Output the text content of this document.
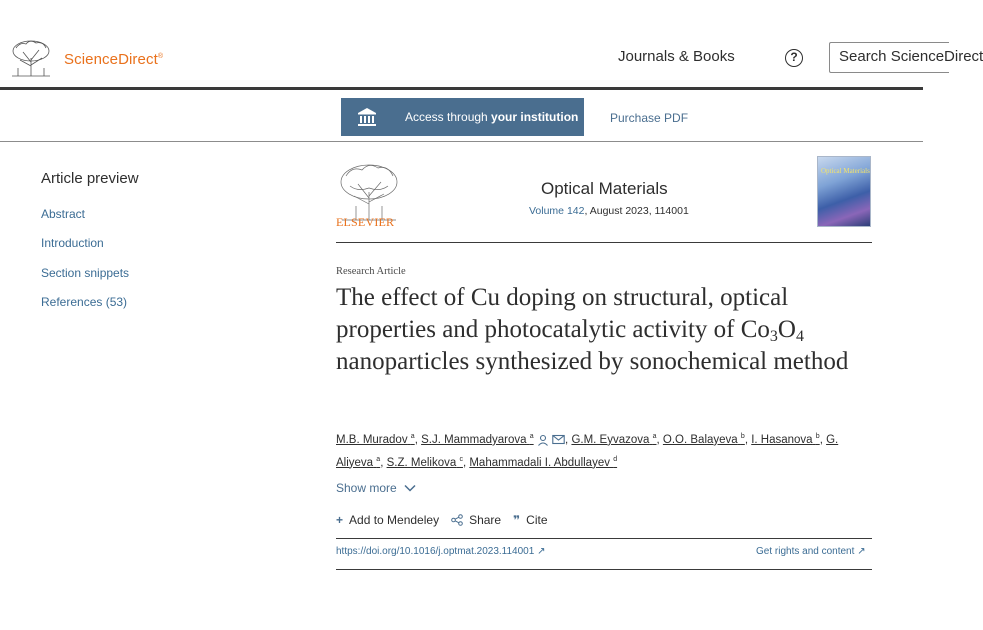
ScienceDirect®	Journals & Books	?	Search ScienceDirect
Access through your institution	Purchase PDF
Article preview
Abstract
Introduction
Section snippets
References (53)
ELSEVIER
Optical Materials
Volume 142, August 2023, 114001
Optical Materials
Research Article
The effect of Cu doping on structural, optical properties and photocatalytic activity of $Co_3O_4$ nanoparticles synthesized by sonochemical method
M.B. Muradov $^a$, S.J. Mammadyarova $^a$	, G.M. Eyvazova $^a$, O.O. Balayeva $^b$, I. Hasanova $^b$, G. Aliyeva $^a$, S.Z. Melikova $^c$, Mahammadali I. Abdullayev $^d$
Show more
+ Add to Mendeley	Share ❞ Cite
https://doi.org/10.1016/j.optmat.2023.114001 ↗	Get rights and content ↗
